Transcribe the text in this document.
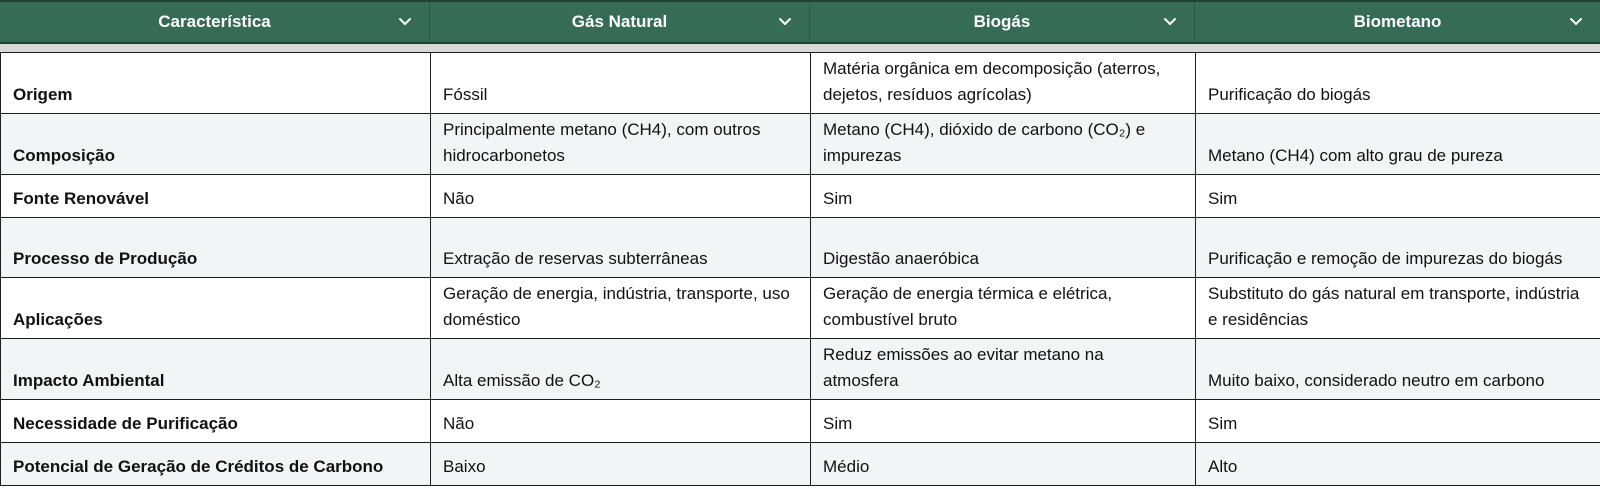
Característica	Gás Natural	Biogás	Biometano
Origem	Fóssil	Matéria orgânica em decomposição (aterros, dejetos, resíduos agrícolas)	Purificação do biogás
Composição	Principalmente metano (CH4), com outros hidrocarbonetos	Metano (CH4), dióxido de carbono (CO₂) e impurezas	Metano (CH4) com alto grau de pureza
Fonte Renovável	Não	Sim	Sim
Processo de Produção	Extração de reservas subterrâneas	Digestão anaeróbica	Purificação e remoção de impurezas do biogás
Aplicações	Geração de energia, indústria, transporte, uso doméstico	Geração de energia térmica e elétrica, combustível bruto	Substituto do gás natural em transporte, indústria e residências
Impacto Ambiental	Alta emissão de CO₂	Reduz emissões ao evitar metano na atmosfera	Muito baixo, considerado neutro em carbono
Necessidade de Purificação	Não	Sim	Sim
Potencial de Geração de Créditos de Carbono	Baixo	Médio	Alto
